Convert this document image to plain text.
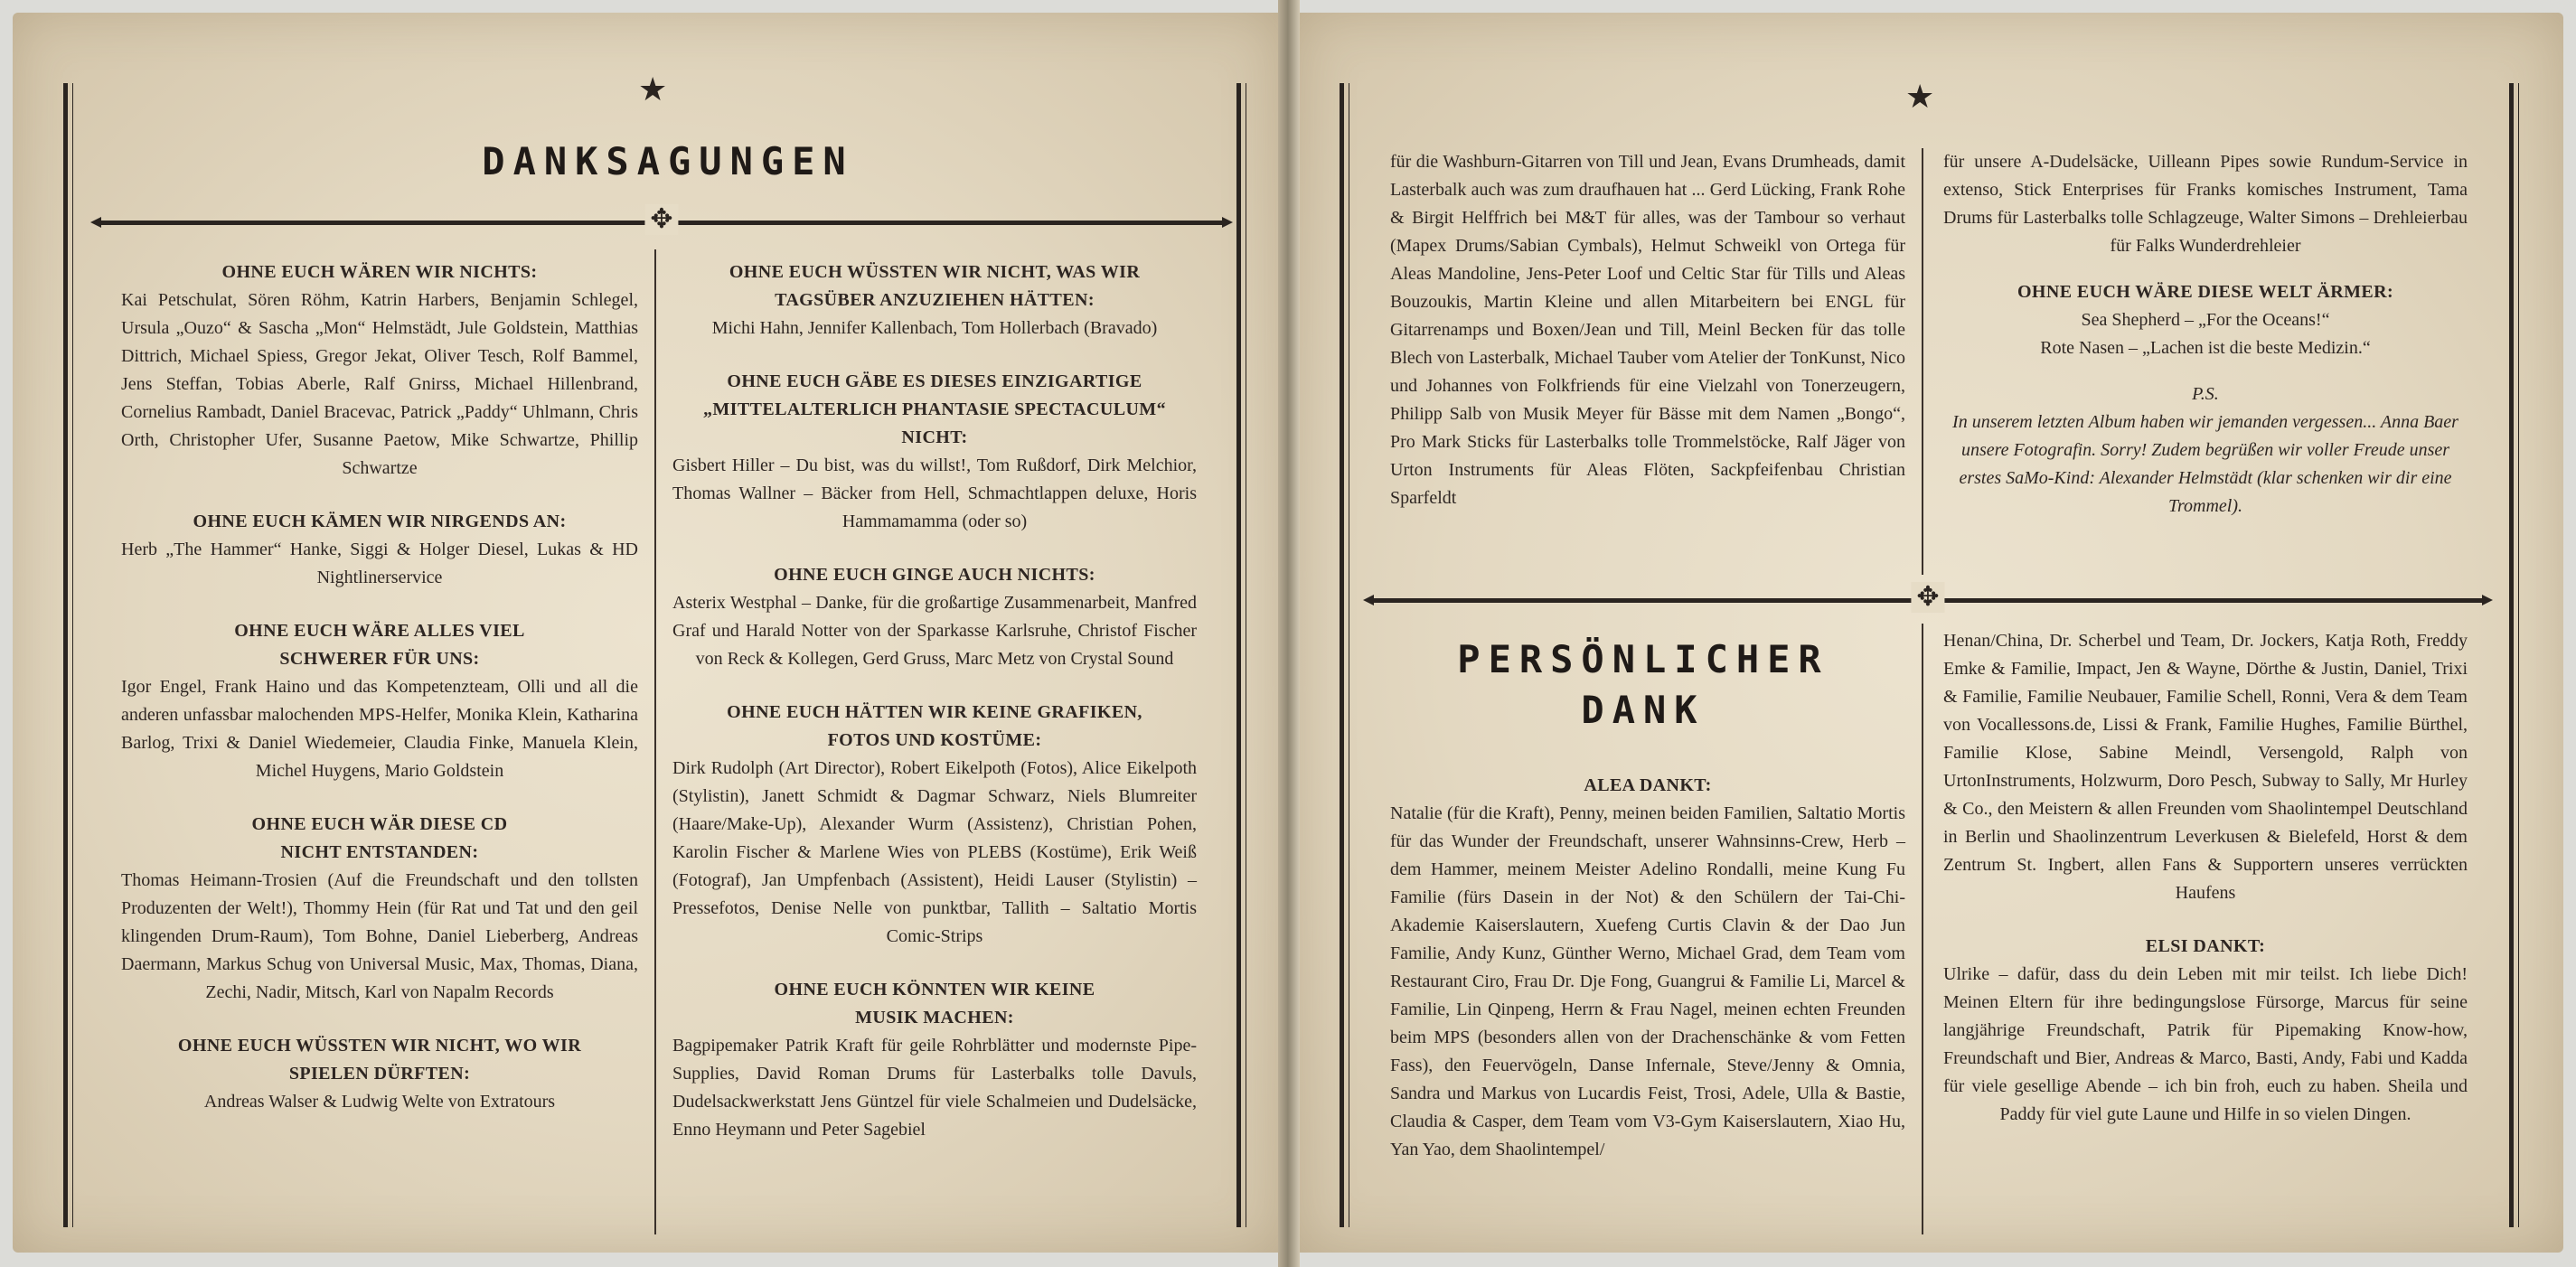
★
DANKSAGUNGEN
✥

OHNE EUCH WÄREN WIR NICHTS:

Kai Petschulat, Sören Röhm, Katrin Harbers, Benjamin Schlegel, Ursula „Ouzo“ & Sascha „Mon“ Helmstädt, Jule Goldstein, Matthias Dittrich, Michael Spiess, Gregor Jekat, Oliver Tesch, Rolf Bammel, Jens Steffan, Tobias Aberle, Ralf Gnirss, Michael Hillenbrand, Cornelius Rambadt, Daniel Bracevac, Patrick „Paddy“ Uhlmann, Chris Orth, Christopher Ufer, Susanne Paetow, Mike Schwartze, Phillip Schwartze

OHNE EUCH KÄMEN WIR NIRGENDS AN:

Herb „The Hammer“ Hanke, Siggi & Holger Diesel, Lukas & HD Nightlinerservice

OHNE EUCH WÄRE ALLES VIEL SCHWERER FÜR UNS:

Igor Engel, Frank Haino und das Kompetenzteam, Olli und all die anderen unfassbar malochenden MPS-Helfer, Monika Klein, Katharina Barlog, Trixi & Daniel Wiedemeier, Claudia Finke, Manuela Klein, Michel Huygens, Mario Goldstein

OHNE EUCH WÄR DIESE CD NICHT ENTSTANDEN:

Thomas Heimann-Trosien (Auf die Freundschaft und den tollsten Produzenten der Welt!), Thommy Hein (für Rat und Tat und den geil klingenden Drum-Raum), Tom Bohne, Daniel Lieberberg, Andreas Daermann, Markus Schug von Universal Music, Max, Thomas, Diana, Zechi, Nadir, Mitsch, Karl von Napalm Records

OHNE EUCH WÜSSTEN WIR NICHT, WO WIR SPIELEN DÜRFTEN:

Andreas Walser & Ludwig Welte von Extratours

OHNE EUCH WÜSSTEN WIR NICHT, WAS WIR TAGSÜBER ANZUZIEHEN HÄTTEN:

Michi Hahn, Jennifer Kallenbach, Tom Hollerbach (Bravado)

OHNE EUCH GÄBE ES DIESES EINZIGARTIGE „MITTELALTERLICH PHANTASIE SPECTACULUM“ NICHT:

Gisbert Hiller – Du bist, was du willst!, Tom Rußdorf, Dirk Melchior, Thomas Wallner – Bäcker from Hell, Schmachtlappen deluxe, Horis Hammamamma (oder so)

OHNE EUCH GINGE AUCH NICHTS:

Asterix Westphal – Danke, für die großartige Zusammenarbeit, Manfred Graf und Harald Notter von der Sparkasse Karlsruhe, Christof Fischer von Reck & Kollegen, Gerd Gruss, Marc Metz von Crystal Sound

OHNE EUCH HÄTTEN WIR KEINE GRAFIKEN, FOTOS UND KOSTÜME:

Dirk Rudolph (Art Director), Robert Eikelpoth (Fotos), Alice Eikelpoth (Stylistin), Janett Schmidt & Dagmar Schwarz, Niels Blumreiter (Haare/Make-Up), Alexander Wurm (Assistenz), Christian Pohen, Karolin Fischer & Marlene Wies von PLEBS (Kostüme), Erik Weiß (Fotograf), Jan Umpfenbach (Assistent), Heidi Lauser (Stylistin) – Pressefotos, Denise Nelle von punktbar, Tallith – Saltatio Mortis Comic-Strips

OHNE EUCH KÖNNTEN WIR KEINE MUSIK MACHEN:

Bagpipemaker Patrik Kraft für geile Rohrblätter und modernste Pipe-Supplies, David Roman Drums für Lasterbalks tolle Davuls, Dudelsackwerkstatt Jens Güntzel für viele Schalmeien und Dudelsäcke, Enno Heymann und Peter Sagebiel

★

für die Washburn-Gitarren von Till und Jean, Evans Drumheads, damit Lasterbalk auch was zum draufhauen hat ... Gerd Lücking, Frank Rohe & Birgit Helffrich bei M&T für alles, was der Tambour so verhaut (Mapex Drums/Sabian Cymbals), Helmut Schweikl von Ortega für Aleas Mandoline, Jens-Peter Loof und Celtic Star für Tills und Aleas Bouzoukis, Martin Kleine und allen Mitarbeitern bei ENGL für Gitarrenamps und Boxen/Jean und Till, Meinl Becken für das tolle Blech von Lasterbalk, Michael Tauber vom Atelier der TonKunst, Nico und Johannes von Folkfriends für eine Vielzahl von Tonerzeugern, Philipp Salb von Musik Meyer für Bässe mit dem Namen „Bongo“, Pro Mark Sticks für Lasterbalks tolle Trommelstöcke, Ralf Jäger von Urton Instruments für Aleas Flöten, Sackpfeifenbau Christian Sparfeldt

für unsere A-Dudelsäcke, Uilleann Pipes sowie Rundum-Service in extenso, Stick Enterprises für Franks komisches Instrument, Tama Drums für Lasterbalks tolle Schlagzeuge, Walter Simons – Drehleierbau für Falks Wunderdrehleier

OHNE EUCH WÄRE DIESE WELT ÄRMER:

Sea Shepherd – „For the Oceans!“

Rote Nasen – „Lachen ist die beste Medizin.“

P.S.

In unserem letzten Album haben wir jemanden vergessen... Anna Baer unsere Fotografin. Sorry! Zudem begrüßen wir voller Freude unser erstes SaMo-Kind: Alexander Helmstädt (klar schenken wir dir eine Trommel).

✥
PERSÖNLICHER
DANK

ALEA DANKT:

Natalie (für die Kraft), Penny, meinen beiden Familien, Saltatio Mortis für das Wunder der Freundschaft, unserer Wahnsinns-Crew, Herb – dem Hammer, meinem Meister Adelino Rondalli, meine Kung Fu Familie (fürs Dasein in der Not) & den Schülern der Tai-Chi-Akademie Kaiserslautern, Xuefeng Curtis Clavin & der Dao Jun Familie, Andy Kunz, Günther Werno, Michael Grad, dem Team vom Restaurant Ciro, Frau Dr. Dje Fong, Guangrui & Familie Li, Marcel & Familie, Lin Qinpeng, Herrn & Frau Nagel, meinen echten Freunden beim MPS (besonders allen von der Drachenschänke & vom Fetten Fass), den Feuervögeln, Danse Infernale, Steve/Jenny & Omnia, Sandra und Markus von Lucardis Feist, Trosi, Adele, Ulla & Bastie, Claudia & Casper, dem Team vom V3-Gym Kaiserslautern, Xiao Hu, Yan Yao, dem Shaolintempel/

Henan/China, Dr. Scherbel und Team, Dr. Jockers, Katja Roth, Freddy Emke & Familie, Impact, Jen & Wayne, Dörthe & Justin, Daniel, Trixi & Familie, Familie Neubauer, Familie Schell, Ronni, Vera & dem Team von Vocallessons.de, Lissi & Frank, Familie Hughes, Familie Bürthel, Familie Klose, Sabine Meindl, Versengold, Ralph von UrtonInstruments, Holzwurm, Doro Pesch, Subway to Sally, Mr Hurley & Co., den Meistern & allen Freunden vom Shaolintempel Deutschland in Berlin und Shaolinzentrum Leverkusen & Bielefeld, Horst & dem Zentrum St. Ingbert, allen Fans & Supportern unseres verrückten Haufens

ELSI DANKT:

Ulrike – dafür, dass du dein Leben mit mir teilst. Ich liebe Dich! Meinen Eltern für ihre bedingungslose Fürsorge, Marcus für seine langjährige Freundschaft, Patrik für Pipemaking Know-how, Freundschaft und Bier, Andreas & Marco, Basti, Andy, Fabi und Kadda für viele gesellige Abende – ich bin froh, euch zu haben. Sheila und Paddy für viel gute Laune und Hilfe in so vielen Dingen.
